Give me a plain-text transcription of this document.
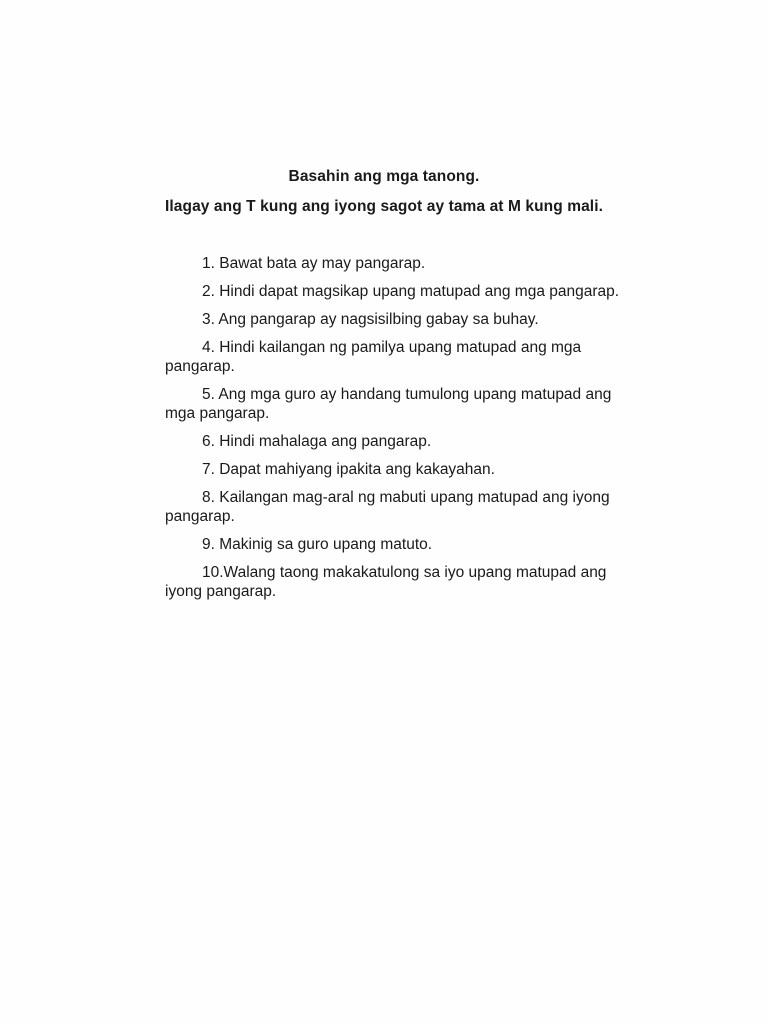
Basahin ang mga tanong.

Ilagay ang T kung ang iyong sagot ay tama at M kung mali.

1. Bawat bata ay may pangarap.
2. Hindi dapat magsikap upang matupad ang mga pangarap.
3. Ang pangarap ay nagsisilbing gabay sa buhay.
4. Hindi kailangan ng pamilya upang matupad ang mga pangarap.
5. Ang mga guro ay handang tumulong upang matupad ang mga pangarap.
6. Hindi mahalaga ang pangarap.
7. Dapat mahiyang ipakita ang kakayahan.
8. Kailangan mag-aral ng mabuti upang matupad ang iyong pangarap.
9. Makinig sa guro upang matuto.
10.Walang taong makakatulong sa iyo upang matupad ang iyong pangarap.
